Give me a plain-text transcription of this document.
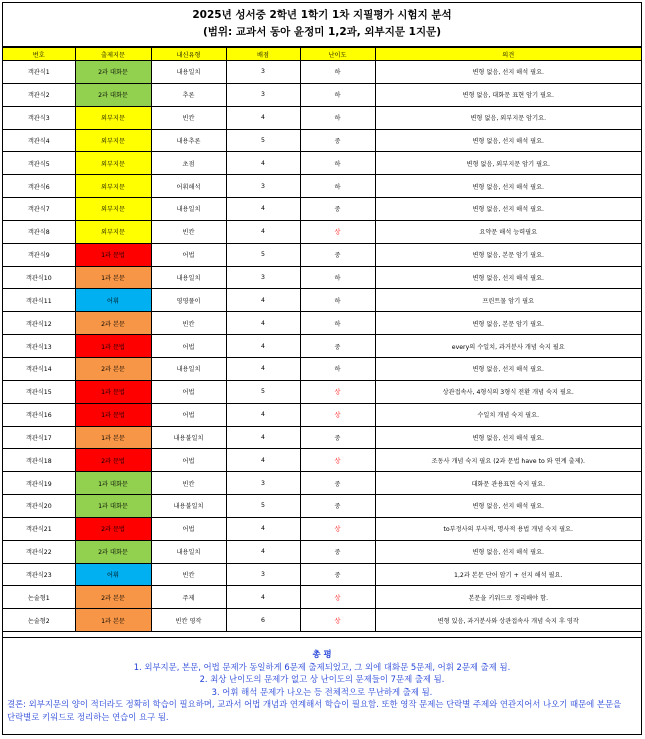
2025년 성서중 2학년 1학기 1차 지필평가 시험지 분석
(범위: 교과서 동아 윤정미 1,2과, 외부지문 1지문)
번호	출제지문	내신유형	배점	난이도	의견
객관식1	2과 대화문	내용일치	3	하	변형 없음, 선지 해석 필요.
객관식2	2과 대화문	추론	3	하	변형 없음, 대화문 표현 암기 필요.
객관식3	외부지문	빈칸	4	하	변형 없음, 외부지문 암기요.
객관식4	외부지문	내용추론	5	중	변형 없음, 선지 해석 필요.
객관식5	외부지문	초점	4	하	변형 없음, 외부지문 암기 필요.
객관식6	외부지문	어휘해석	3	하	변형 없음, 선지 해석 필요.
객관식7	외부지문	내용일치	4	중	변형 없음, 선지 해석 필요.
객관식8	외부지문	빈칸	4	상	요약문 해석 능력필요
객관식9	1과 문법	어법	5	중	변형 없음, 본문 암기 필요.
객관식10	1과 본문	내용일치	3	하	변형 없음, 선지 해석 필요.
객관식11	어휘	영영풀이	4	하	프린트물 암기 필요
객관식12	2과 본문	빈칸	4	하	변형 없음, 본문 암기 필요.
객관식13	1과 문법	어법	4	중	every의 수일치, 과거분사 개념 숙지 필요
객관식14	2과 본문	내용일치	4	하	변형 없음, 선지 해석 필요.
객관식15	1과 문법	어법	5	상	상관접속사, 4형식의 3형식 전환 개념 숙지 필요.
객관식16	1과 문법	어법	4	상	수일치 개념 숙지 필요.
객관식17	1과 본문	내용불일치	4	중	변형 없음, 선지 해석 필요.
객관식18	2과 문법	어법	4	상	조동사 개념 숙지 필요 (2과 문법 have to 와 연계 출제).
객관식19	1과 대화문	빈칸	3	중	대화문 관용표현 숙지 필요.
객관식20	1과 대화문	내용불일치	5	중	변형 없음, 선지 해석 필요.
객관식21	2과 문법	어법	4	상	to부정사의 부사적, 명사적 용법 개념 숙지 필요.
객관식22	2과 대화문	내용일치	4	중	변형 없음, 선지 해석 필요.
객관식23	어휘	빈칸	3	중	1,2과 본문 단어 암기 + 선지 해석 필요.
논술형1	2과 본문	주제	4	상	본문을 키워드로 정리해야 함.
논술형2	1과 본문	빈칸 영작	6	상	변형 있음, 과거분사와 상관접속사 개념 숙지 후 영작
총 평
1. 외부지문, 본문, 어법 문제가 동일하게 6문제 출제되었고, 그 외에 대화문 5문제, 어휘 2문제 출제 됨.
2. 최상 난이도의 문제가 없고 상 난이도의 문제들이 7문제 출제 됨.
3. 어휘 해석 문제가 나오는 등 전체적으로 무난하게 출제 됨.
결론: 외부지문의 양이 적더라도 정확히 학습이 필요하며, 교과서 어법 개념과 연계해서 학습이 필요함. 또한 영작 문제는 단락별 주제와 연관지어서 나오기 때문에 본문을 단락별로 키워드로 정리하는 연습이 요구 됨.
